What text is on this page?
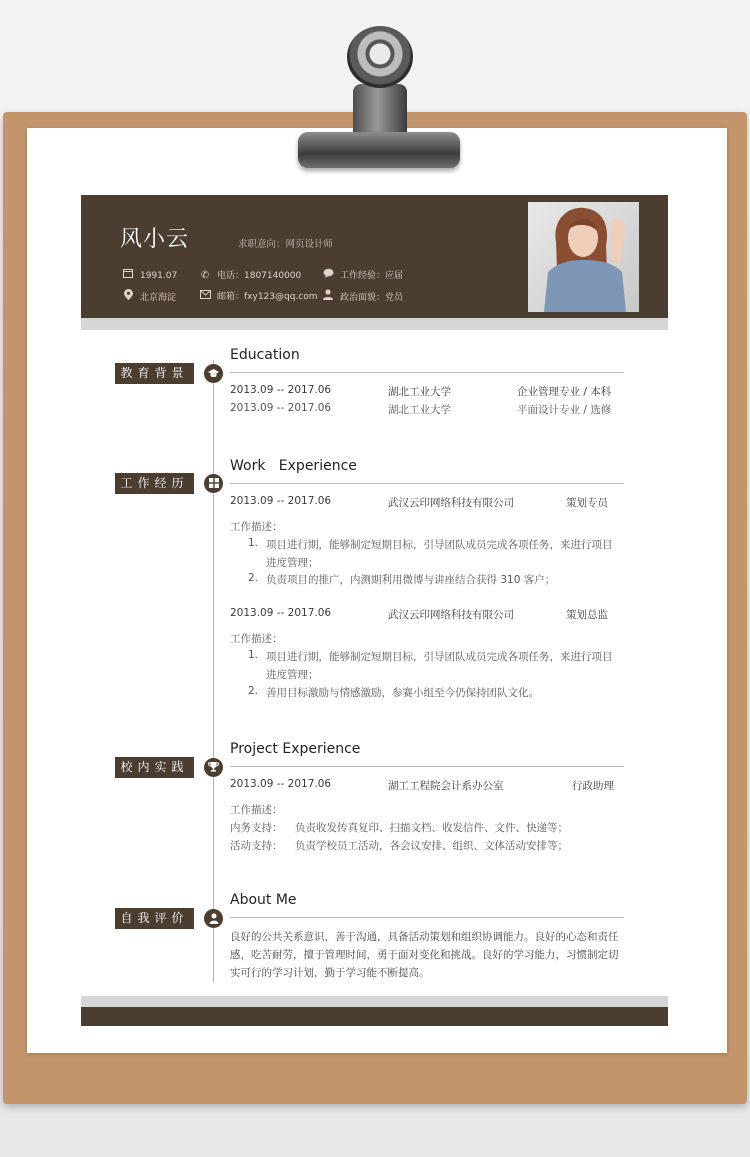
风小云	求职意向：网页设计师
1991.07 ✆ 电话：1807140000	工作经验：应届
北京海淀	邮箱：fxy123@qq.com	政治面貌：党员
教育背景
Education
2013.09 -- 2017.06	湖北工业大学	企业管理专业 / 本科
2013.09 -- 2017.06	湖北工业大学	平面设计专业 / 选修
工作经历
Work   Experience
2013.09 -- 2017.06	武汉云印网络科技有限公司	策划专员
工作描述：
1. 项目进行期，能够制定短期目标，引导团队成员完成各项任务，来进行项目
进度管理；
2. 负责项目的推广，内测期利用微博与讲座结合获得 310 客户；
2013.09 -- 2017.06	武汉云印网络科技有限公司	策划总监
工作描述：
1. 项目进行期，能够制定短期目标，引导团队成员完成各项任务，来进行项目
进度管理；
2. 善用目标激励与情感激励，参赛小组至今仍保持团队文化。
校内实践
Project Experience
2013.09 -- 2017.06	湖工工程院会计系办公室	行政助理
工作描述：
内务支持： 负责收发传真复印、扫描文档、收发信件、文件、快递等；
活动支持： 负责学校员工活动，各会议安排、组织、文体活动安排等；
自我评价
About Me
良好的公共关系意识，善于沟通，具备活动策划和组织协调能力。良好的心态和责任感，吃苦耐劳，擅于管理时间，勇于面对变化和挑战。良好的学习能力，习惯制定切实可行的学习计划，勤于学习能不断提高。
